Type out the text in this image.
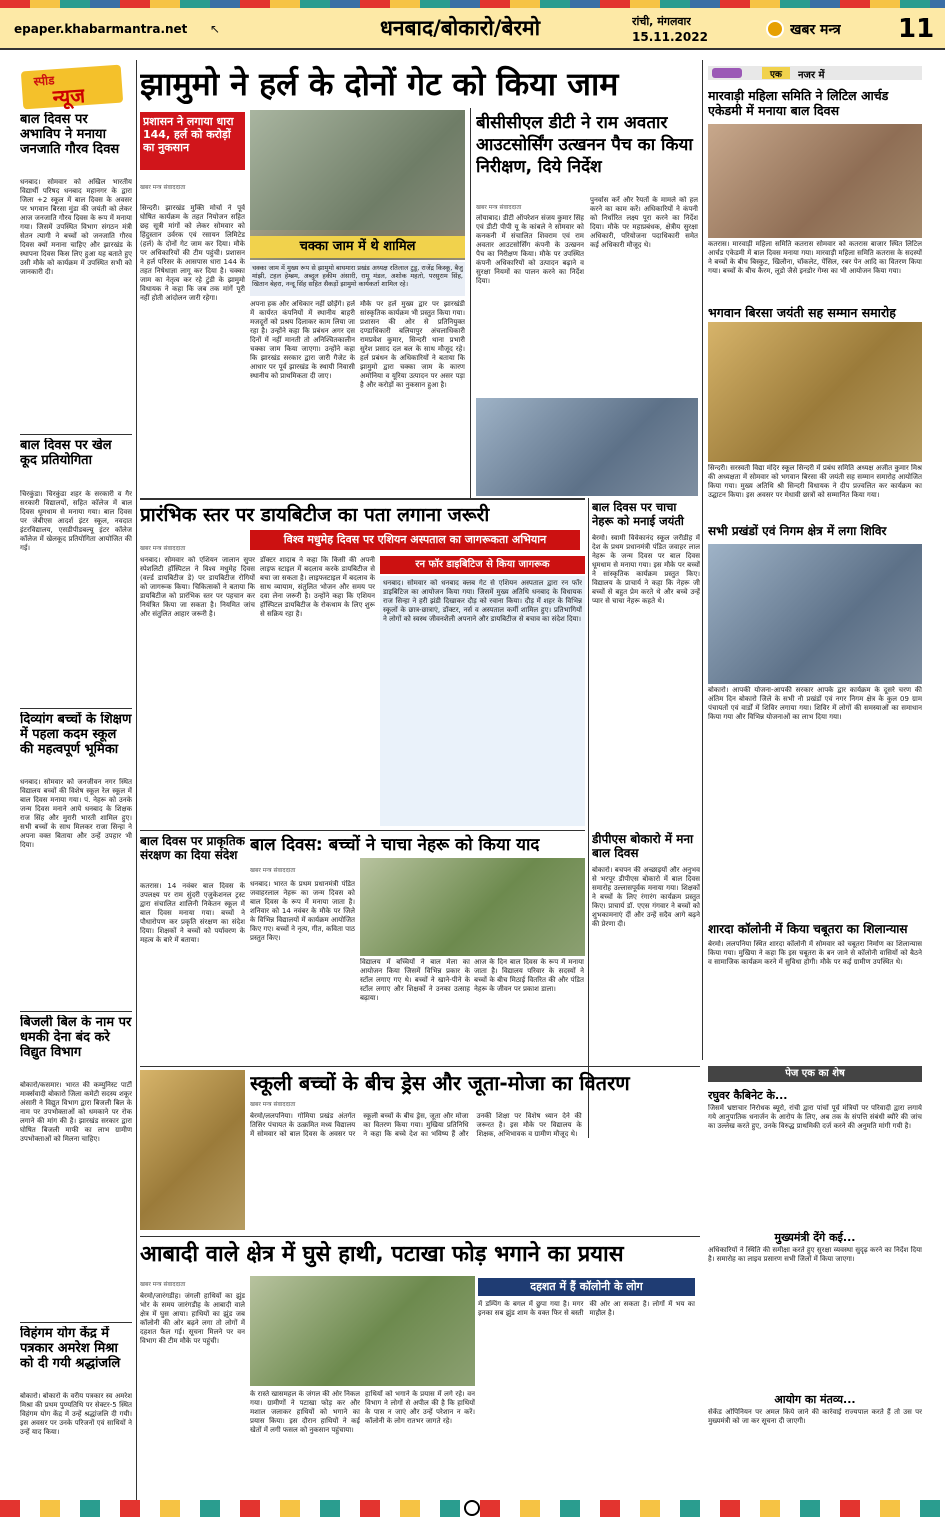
epaper.khabarmantra.net ↖	धनबाद/बोकारो/बेरमो	रांची, मंगलवार
15.11.2022	खबर मन्त्र 11
स्पीड
न्यूज
बाल दिवस पर अभाविप ने मनाया जनजाति गौरव दिवस
धनबाद। सोमवार को अखिल भारतीय विद्यार्थी परिषद धनबाद महानगर के द्वारा जिला +2 स्कूल में बाल दिवस के अवसर पर भगवान बिरसा मुंडा की जयंती को लेकर आज जनजाति गौरव दिवस के रूप में मनाया गया। जिसमें उपस्थित विभाग संगठन मंत्री सेतन त्यागी ने बच्चों को जनजाति गौरव दिवस क्यों मनाना चाहिए और झारखंड के स्थापना दिवस किस लिए हुआ यह बताते हुए उसी मौके को कार्यक्रम में उपस्थित सभी को जानकारी दी।
बाल दिवस पर खेल कूद प्रतियोगिता
चिरकुंडा। चिरकुंडा शहर के सरकारी व गैर सरकारी विद्यालयों, सहित कॉलेज में बाल दिवस धूमधाम से मनाया गया। बाल दिवस पर जेबीएस आदर्श इंटर स्कूल, नवदात इंटरविद्यालय, एसडीपीडबल्यू इंटर कॉलेज कॉलेज में खेलकूद प्रतियोगिता आयोजित की गई।
दिव्यांग बच्चों के शिक्षण में पहला कदम स्कूल की महत्वपूर्ण भूमिका
धनबाद। सोमवार को जनजीवन नगर स्थित विद्यालय बच्चों की विशेष स्कूल रेल स्कूल में बाल दिवस मनाया गया। पं. नेहरू को उनके जन्म दिवस मनाने आये धनबाद के शिक्षक राज सिंह और मुरारी भारती शामिल हुए। सभी बच्चों के साथ मिलकर राजा सिन्हा ने अपना वक्त बिताया और उन्हें उपहार भी दिया।
बिजली बिल के नाम पर धमकी देना बंद करे विद्युत विभाग
बोकारो/कसमार। भारत की कम्युनिस्ट पार्टी मार्क्सवादी बोकारो जिला कमेटी सदस्य शकूर अंसारी ने विद्युत विभाग द्वारा बिजली बिल के नाम पर उपभोक्ताओं को धमकाने पर रोक लगाने की मांग की है। झारखंड सरकार द्वारा घोषित बिजली माफी का लाभ ग्रामीण उपभोक्ताओं को मिलना चाहिए।
विहंगम योग केंद्र में पत्रकार अमरेश मिश्रा को दी गयी श्रद्धांजलि
बोकारो। बोकारो के वरीय पत्रकार स्व अमरेश मिश्रा की प्रथम पुण्यतिथि पर सेक्टर-5 स्थित विहंगम योग केंद्र में उन्हें श्रद्धांजलि दी गयी। इस अवसर पर उनके परिजनों एवं साथियों ने उन्हें याद किया।
झामुमो ने हर्ल के दोनों गेट को किया जाम
प्रशासन ने लगाया धारा 144, हर्ल को करोड़ों का नुकसान
चक्का जाम में थे शामिल
चक्का जाम में मुख्य रूप से झामुमो बाघमारा प्रखंड अध्यक्ष रतिलाल टुडू, राजेंद्र किस्कू, बैजु मांझी, टहल हेम्ब्रम, अब्दुल हकीम अंसारी, रामू मंडल, अशोक महतो, परसुराम सिंह, खितान बेहरा, नन्दू सिंह सहित सैकड़ों झामुमो कार्यकर्ता शामिल रहे।
खबर मन्त्र संवाददाता
सिन्दरी। झारखंड मुक्ति मोर्चा ने पूर्व घोषित कार्यक्रम के तहत नियोजन सहित छह सूत्री मांगों को लेकर सोमवार को हिंदुस्तान उर्वरक एवं रसायन लिमिटेड (हर्ल) के दोनों गेट जाम कर दिया। मौके पर अधिकारियों की टीम पहुंची। प्रशासन ने हर्ल परिसर के आसपास धारा 144 के तहत निषेधाज्ञा लागू कर दिया है। चक्का जाम का नेतृत्व कर रहे टुंडी के झामुमो विधायक ने कहा कि जब तक मांगें पूरी नहीं होती आंदोलन जारी रहेगा।
अपना हक और अधिकार नहीं छोड़ेंगे। हर्ल में कार्यरत कंपनियों में स्थानीय बाहरी मजदूरों को प्रश्रय दिलाकर काम लिया जा रहा है। उन्होंने कहा कि प्रबंधन अगर दस दिनों में नहीं मानती तो अनिश्चितकालीन चक्का जाम किया जाएगा। उन्होंने कहा कि झारखंड सरकार द्वारा जारी गैजेट के आधार पर पूर्व झारखंड के स्थायी निवासी स्थानीय को प्राथमिकता दी जाए।
मौके पर हर्ल मुख्य द्वार पर झारखंडी सांस्कृतिक कार्यक्रम भी प्रस्तुत किया गया। प्रशासन की ओर से प्रतिनियुक्त दण्डाधिकारी बलियापुर अंचलाधिकारी रामप्रवेश कुमार, सिन्दरी थाना प्रभारी सुरेश प्रसाद दल बल के साथ मौजूद रहे। हर्ल प्रबंधन के अधिकारियों ने बताया कि झामुमो द्वारा चक्का जाम के कारण अमोनिया व यूरिया उत्पादन पर असर पड़ा है और करोड़ों का नुकसान हुआ है।
बीसीसीएल डीटी ने राम अवतार आउटसोर्सिंग उत्खनन पैच का किया निरीक्षण, दिये निर्देश
खबर मन्त्र संवाददाता
लोयाबाद। डीटी ऑपरेशन संजय कुमार सिंह एवं डीटी पीपी यू के कांबले ने सोमवार को कनकनी में संचालित शिवराम एवं राम अवतार आउटसोर्सिंग कंपनी के उत्खनन पैच का निरीक्षण किया। मौके पर उपस्थित कंपनी अधिकारियों को उत्पादन बढ़ाने व सुरक्षा नियमों का पालन करने का निर्देश दिया।
पुनर्वास करें और रैयतों के मामले को हल करने का काम करें। अधिकारियों ने कंपनी को निर्धारित लक्ष्य पूरा करने का निर्देश दिया। मौके पर महाप्रबंधक, क्षेत्रीय सुरक्षा अधिकारी, परियोजना पदाधिकारी समेत कई अधिकारी मौजूद थे।
एक	नजर में
मारवाड़ी महिला समिति ने लिटिल आर्चड एकेडमी में मनाया बाल दिवस
कतरास। मारवाड़ी महिला समिति कतरास सोमवार को कतरास बाजार स्थित लिटिल आर्चड एकेडमी में बाल दिवस मनाया गया। मारवाड़ी महिला समिति कतरास के सदस्यों ने बच्चों के बीच बिस्कुट, खिलौना, चॉकलेट, पेंसिल, रबर पेन आदि का वितरण किया गया। बच्चों के बीच कैरम, लूडो जैसे इनडोर गेम्स का भी आयोजन किया गया।
भगवान बिरसा जयंती सह सम्मान समारोह
सिन्दरी। सरस्वती विद्या मंदिर स्कूल सिन्दरी में प्रबंध समिति अध्यक्ष अजीत कुमार मिश्र की अध्यक्षता में सोमवार को भगवान बिरसा की जयंती सह सम्मान समारोह आयोजित किया गया। मुख्य अतिथि श्री सिन्दरी विधायक ने दीप प्रज्वलित कर कार्यक्रम का उद्घाटन किया। इस अवसर पर मेधावी छात्रों को सम्मानित किया गया।
प्रारंभिक स्तर पर डायबिटीज का पता लगाना जरूरी
विश्व मधुमेह दिवस पर एशियन अस्पताल का जागरूकता अभियान
खबर मन्त्र संवाददाता
धनबाद। सोमवार को एशियन जालान सुपर स्पेशलिटी हॉस्पिटल ने विश्व मधुमेह दिवस (वर्ल्ड डायबिटीज डे) पर डायबिटीज रोगियों को जागरूक किया। चिकित्सकों ने बताया कि डायबिटीज को प्रारंभिक स्तर पर पहचान कर नियंत्रित किया जा सकता है। नियमित जांच और संतुलित आहार जरूरी है।
डॉक्टर शादाब ने कहा कि किसी की अपनी लाइफ स्टाइल में बदलाव करके डायबिटीज से बचा जा सकता है। लाइफस्टाइल में बदलाव के साथ व्यायाम, संतुलित भोजन और समय पर दवा लेना जरूरी है। उन्होंने कहा कि एशियन हॉस्पिटल डायबिटीज के रोकथाम के लिए शुरू से सक्रिय रहा है।
रन फॉर डाइबिटिज से किया जागरूक
धनबाद। सोमवार को धनबाद क्लब गेट से एशियन अस्पताल द्वारा रन फॉर डाइबिटिज का आयोजन किया गया। जिसमें मुख्य अतिथि धनबाद के विधायक राज सिन्हा ने हरी झंडी दिखाकर दौड़ को रवाना किया। दौड़ में शहर के विभिन्न स्कूलों के छात्र-छात्राएं, डॉक्टर, नर्स व अस्पताल कर्मी शामिल हुए। प्रतिभागियों ने लोगों को स्वस्थ जीवनशैली अपनाने और डायबिटीज से बचाव का संदेश दिया।
बाल दिवस पर चाचा नेहरू को मनाई जयंती
बेरमो। स्वामी विवेकानंद स्कूल जरीडीह में देश के प्रथम प्रधानमंत्री पंडित जवाहर लाल नेहरू के जन्म दिवस पर बाल दिवस धूमधाम से मनाया गया। इस मौके पर बच्चों ने सांस्कृतिक कार्यक्रम प्रस्तुत किए। विद्यालय के प्राचार्य ने कहा कि नेहरू जी बच्चों से बहुत प्रेम करते थे और बच्चे उन्हें प्यार से चाचा नेहरू कहते थे।
बाल दिवस: बच्चों ने चाचा नेहरू को किया याद
बाल दिवस पर प्राकृतिक संरक्षण का दिया संदेश
कतरास। 14 नवंबर बाल दिवस के उपलक्ष्य पर राम सुंदरी एजुकेशनल ट्रस्ट द्वारा संचालित शालिनी निकेतन स्कूल में बाल दिवस मनाया गया। बच्चों ने पौधारोपण कर प्रकृति संरक्षण का संदेश दिया। शिक्षकों ने बच्चों को पर्यावरण के महत्व के बारे में बताया।
खबर मन्त्र संवाददाता
धनबाद। भारत के प्रथम प्रधानमंत्री पंडित जवाहरलाल नेहरू का जन्म दिवस को बाल दिवस के रूप में मनाया जाता है। शनिवार को 14 नवंबर के मौके पर जिले के विभिन्न विद्यालयों में कार्यक्रम आयोजित किए गए। बच्चों ने नृत्य, गीत, कविता पाठ प्रस्तुत किए।
विद्यालय में बच्चियों ने बाल मेला का आयोजन किया जिसमें विभिन्न प्रकार के स्टॉल लगाए गए थे। बच्चों ने खाने-पीने के स्टॉल लगाए और शिक्षकों ने उनका उत्साह बढ़ाया।
आज के दिन बाल दिवस के रूप में मनाया जाता है। विद्यालय परिवार के सदस्यों ने बच्चों के बीच मिठाई वितरित की और पंडित नेहरू के जीवन पर प्रकाश डाला।
डीपीएस बोकारो में मना बाल दिवस
बोकारो। बचपन की अच्छाइयों और अनुभव से भरपूर डीपीएस बोकारो में बाल दिवस समारोह उल्लासपूर्वक मनाया गया। शिक्षकों ने बच्चों के लिए रंगारंग कार्यक्रम प्रस्तुत किए। प्राचार्य डॉ. एएस गंगवार ने बच्चों को शुभकामनाएं दीं और उन्हें सदैव आगे बढ़ने की प्रेरणा दी।
सभी प्रखंडों एवं निगम क्षेत्र में लगा शिविर
बोकारो। आपकी योजना-आपकी सरकार आपके द्वार कार्यक्रम के दूसरे चरण की अंतिम दिन बोकारो जिले के सभी नौ प्रखंडों एवं नगर निगम क्षेत्र के कुल 09 ग्राम पंचायतों एवं वार्डों में शिविर लगाया गया। शिविर में लोगों की समस्याओं का समाधान किया गया और विभिन्न योजनाओं का लाभ दिया गया।
शारदा कॉलोनी में किया चबूतरा का शिलान्यास
बेरमो। ललपनिया स्थित शारदा कॉलोनी में सोमवार को चबूतरा निर्माण का शिलान्यास किया गया। मुखिया ने कहा कि इस चबूतरा के बन जाने से कॉलोनी वासियों को बैठने व सामाजिक कार्यक्रम करने में सुविधा होगी। मौके पर कई ग्रामीण उपस्थित थे।
स्कूली बच्चों के बीच ड्रेस और जूता-मोजा का वितरण
खबर मन्त्र संवाददाता
बेरमो/ललपनिया। गोमिया प्रखंड अंतर्गत तिसिर पंचायत के उत्क्रमित मध्य विद्यालय में सोमवार को बाल दिवस के अवसर पर स्कूली बच्चों के बीच ड्रेस, जूता और मोजा का वितरण किया गया। मुखिया प्रतिनिधि ने कहा कि बच्चे देश का भविष्य हैं और उनकी शिक्षा पर विशेष ध्यान देने की जरूरत है। इस मौके पर विद्यालय के शिक्षक, अभिभावक व ग्रामीण मौजूद थे।
पेज एक का शेष
रघुवर कैबिनेट के...
जिसमें भ्रष्टाचार निरोधक ब्यूरो, रांची द्वारा पांचों पूर्व मंत्रियों पर परिवादी द्वारा लगाये गये आनुपातिक धनार्जन के आरोप के लिए, अब तक के संपत्ति संबंधी ब्यौरे की जांच का उल्लेख करते हुए, उनके विरुद्ध प्राथमिकी दर्ज करने की अनुमति मांगी गयी है।
मुख्यमंत्री देंगे कई...
अधिकारियों ने स्थिति की समीक्षा करते हुए सुरक्षा व्यवस्था सुदृढ़ करने का निर्देश दिया है। समारोह का लाइव प्रसारण सभी जिलों में किया जाएगा।
आयोग का मंतव्य...
सेकेंड ओपिनियन पर अमल किये जाने की कार्रवाई राज्यपाल करते हैं तो उस पर मुख्यमंत्री को जा कर सूचना दी जाएगी।
आबादी वाले क्षेत्र में घुसे हाथी, पटाखा फोड़ भगाने का प्रयास
दहशत में हैं कॉलोनी के लोग
खबर मन्त्र संवाददाता
बेरमो/जारंगडीह। जंगली हाथियों का झुंड भोर के समय जारंगडीह के आबादी वाले क्षेत्र में घुस आया। हाथियों का झुंड जब कॉलोनी की ओर बढ़ने लगा तो लोगों में दहशत फैल गई। सूचना मिलने पर वन विभाग की टीम मौके पर पहुंची।
के रास्ते खासमहल के जंगल की ओर निकल गया। ग्रामीणों ने पटाखा फोड़ कर और मशाल जलाकर हाथियों को भगाने का प्रयास किया। इस दौरान हाथियों ने कई खेतों में लगी फसल को नुकसान पहुंचाया।
हाथियों को भगाने के प्रयास में लगे रहे। वन विभाग ने लोगों से अपील की है कि हाथियों के पास न जाएं और उन्हें परेशान न करें। कॉलोनी के लोग रातभर जागते रहे।
में डम्पिंग के बगल में छुपा गया है। मगर इनका सब झुंड शाम के वक्त फिर से बस्ती की ओर आ सकता है। लोगों में भय का माहौल है।
